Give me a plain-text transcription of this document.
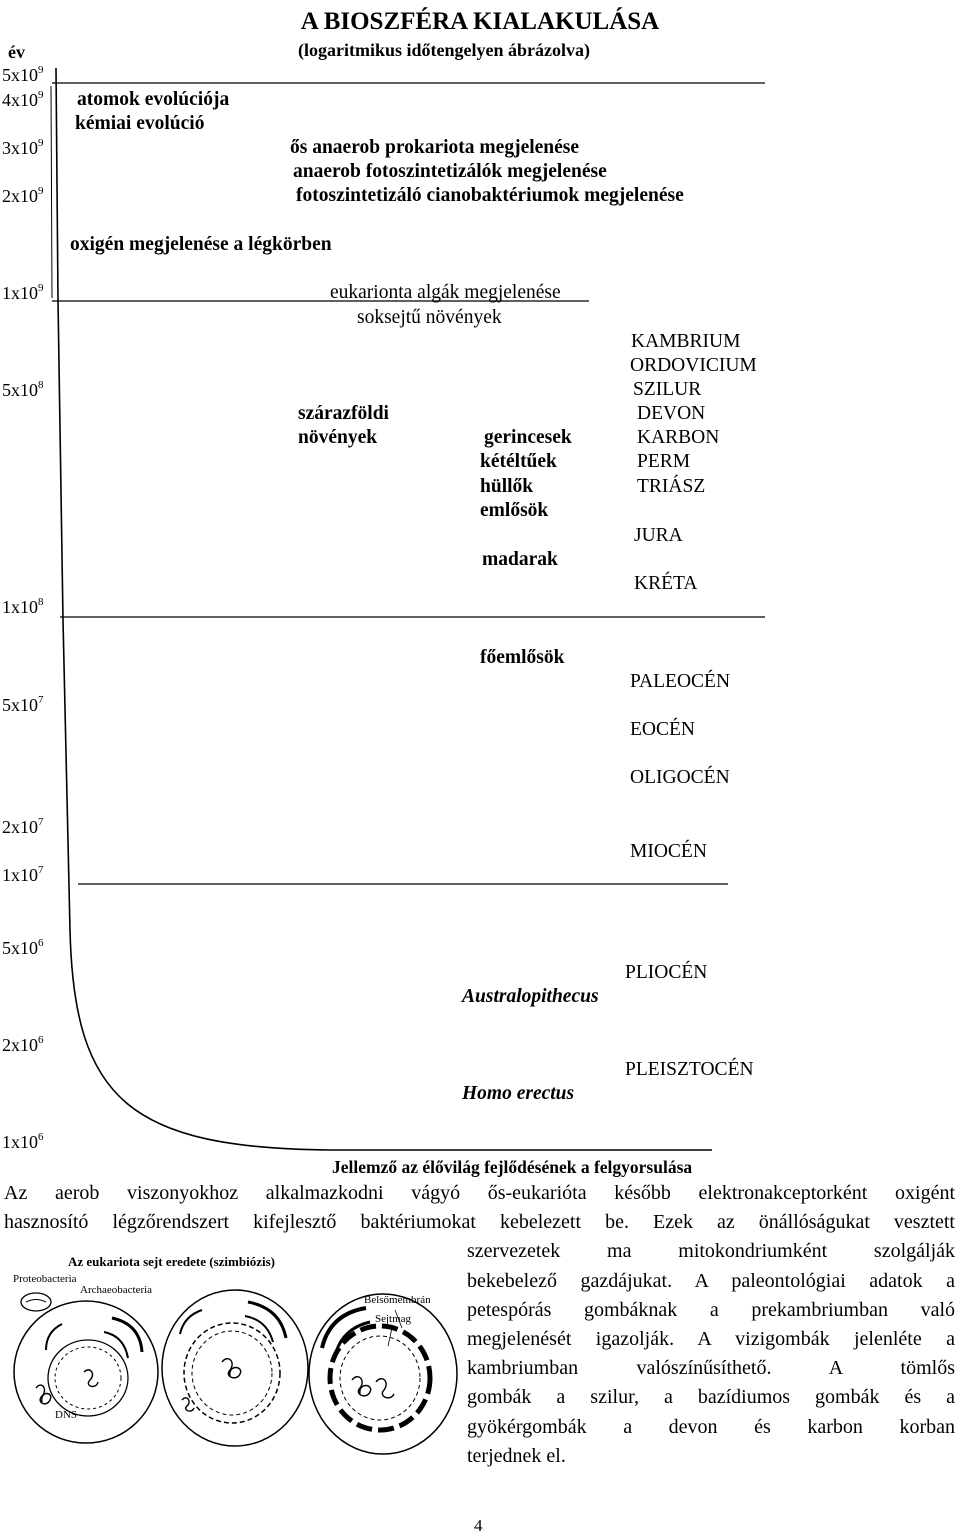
A BIOSZFÉRA KIALAKULÁSA
(logaritmikus időtengelyen ábrázolva)
év
$5x10^9$
$4x10^9$
$3x10^9$
$2x10^9$
$1x10^9$
$5x10^8$
$1x10^8$
$5x10^7$
$2x10^7$
$1x10^7$
$5x10^6$
$2x10^6$
$1x10^6$
atomok evolúciója
kémiai evolúció
ős anaerob prokariota megjelenése
anaerob fotoszintetizálók megjelenése
fotoszintetizáló cianobaktériumok megjelenése
oxigén megjelenése a légkörben
eukarionta algák megjelenése
soksejtű növények
szárazföldi
növények	gerincesek
kétéltűek
hüllők
emlősök
madarak
főemlősök
Australopithecus
Homo erectus
KAMBRIUM
ORDOVICIUM
SZILUR
DEVON
KARBON
PERM
TRIÁSZ
JURA
KRÉTA
PALEOCÉN
EOCÉN
OLIGOCÉN
MIOCÉN
PLIOCÉN
PLEISZTOCÉN
Jellemző az élővilág fejlődésének a felgyorsulása
Az aerob viszonyokhoz alkalmazkodni vágyó ős-eukarióta később elektronakceptorként oxigént
hasznosító légzőrendszert kifejlesztő baktériumokat kebelezett be. Ezek az önállóságukat vesztett
szervezetek ma mitokondriumként szolgálják
bekebelező gazdájukat. A paleontológiai adatok a
petespórás gombáknak a prekambriumban való
megjelenését igazolják. A vizigombák jelenléte a
kambriumban valószínűsíthető. A tömlős
gombák a szilur, a bazídiumos gombák és a
gyökérgombák a devon és karbon korban
terjednek el.
Az eukariota sejt eredete (szimbiózis)
Proteobacteria
Archaeobacteria
Belsőmembrán
Sejtmag
DNS
4
